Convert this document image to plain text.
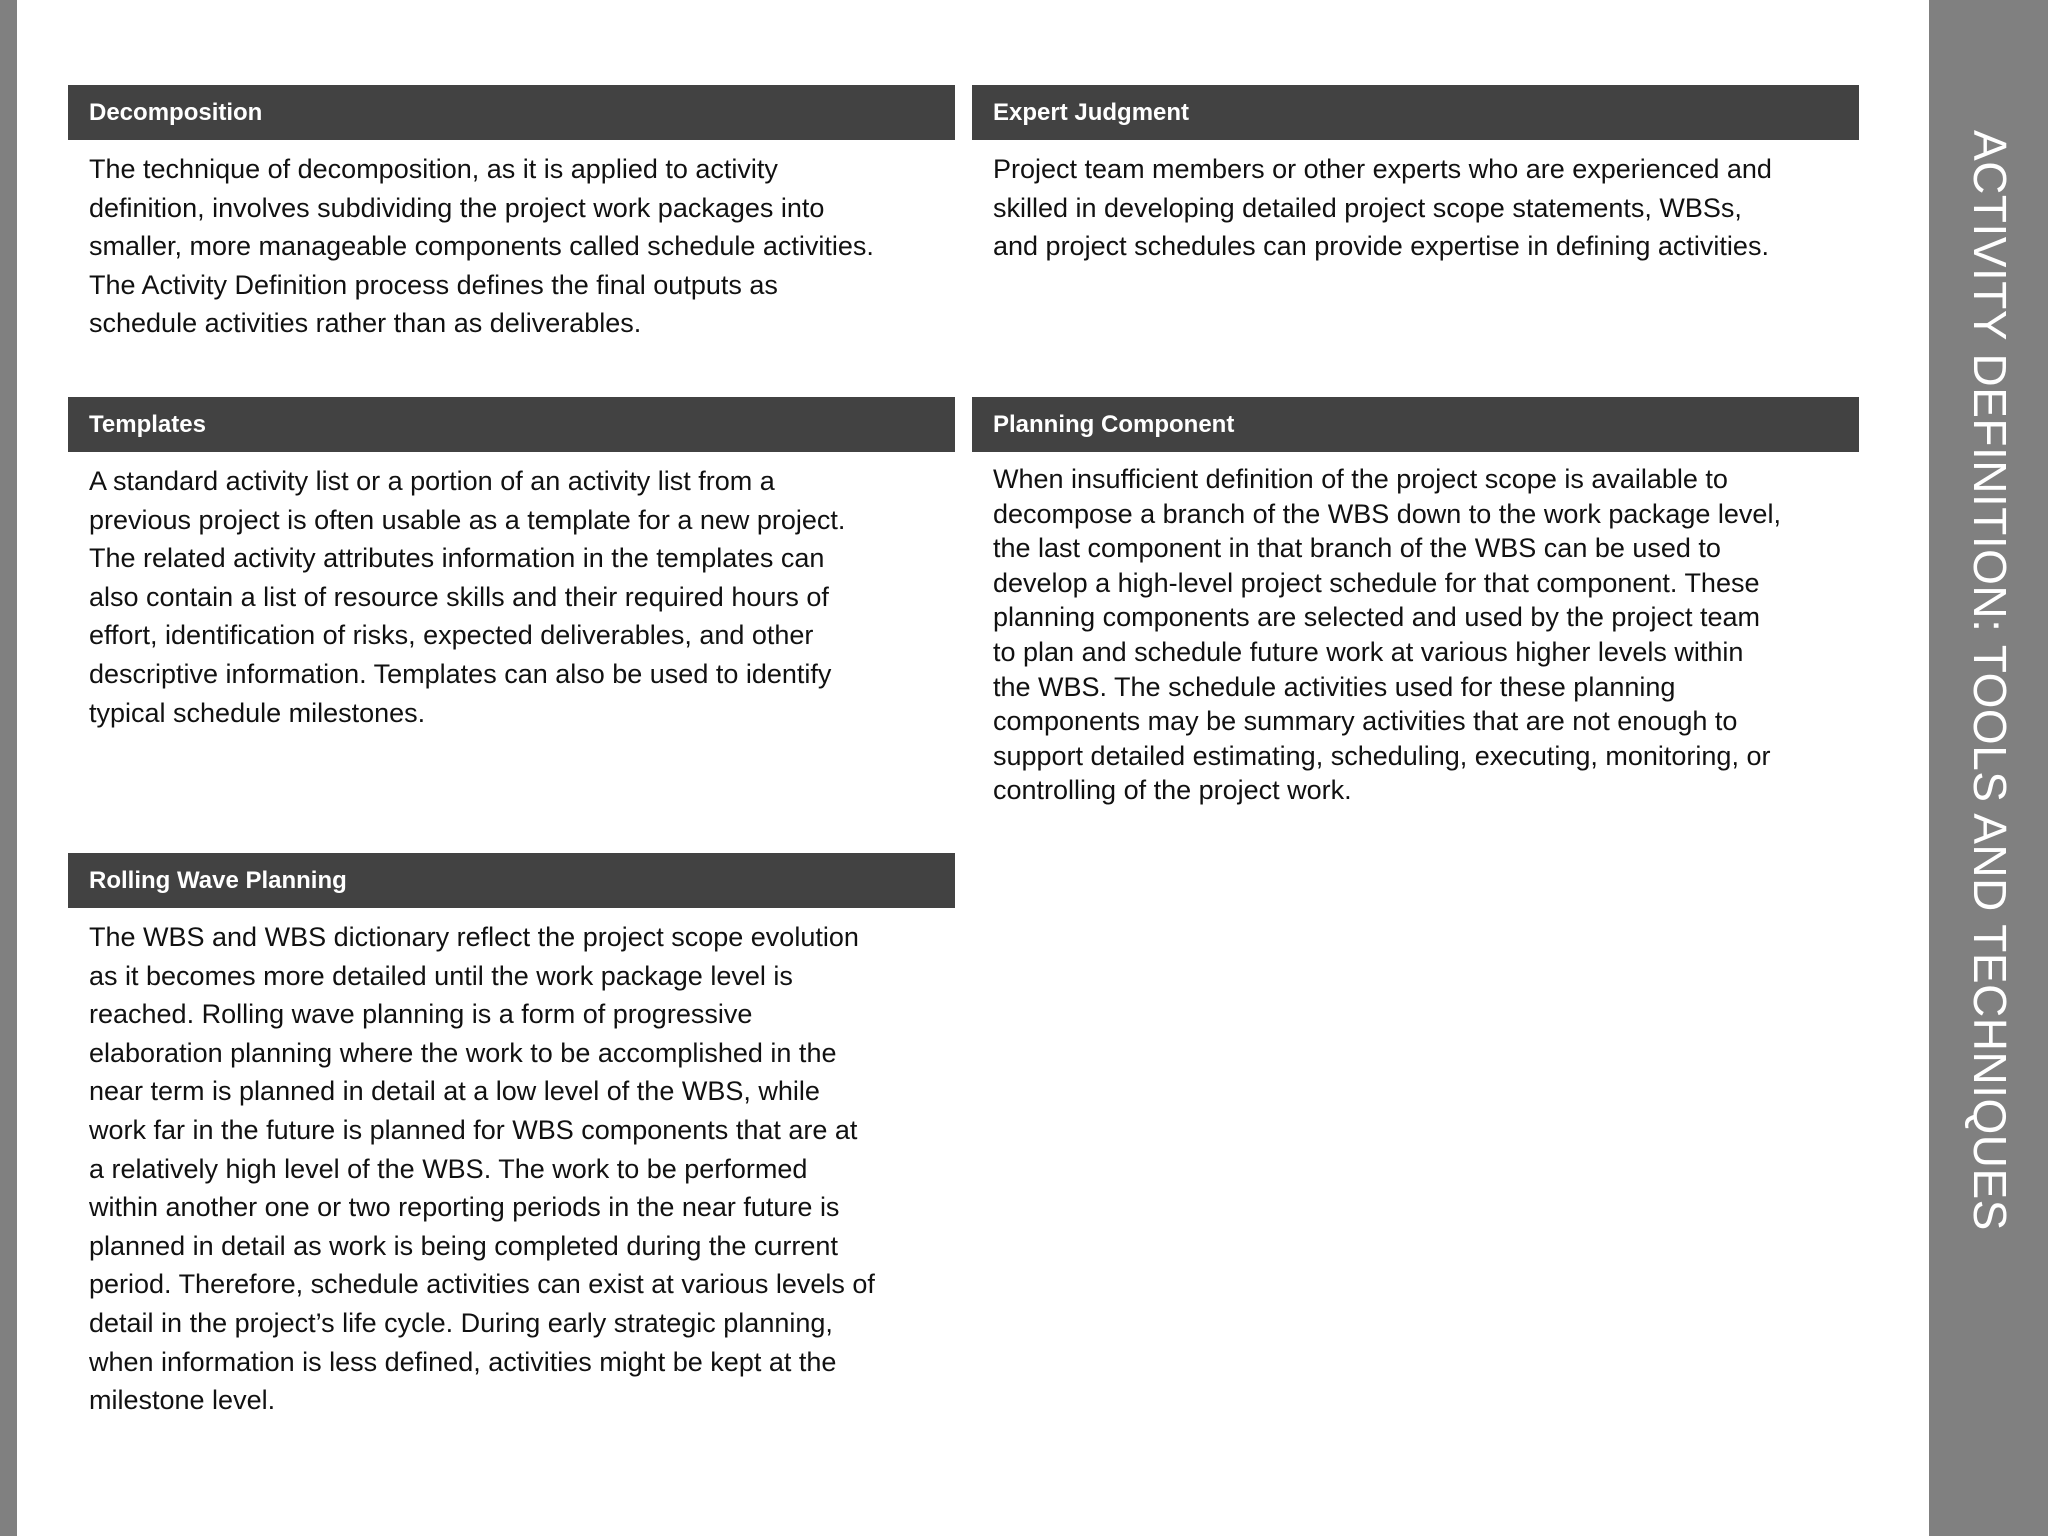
ACTIVITY DEFINITION: TOOLS AND TECHNIQUES
Decomposition
The technique of decomposition, as it is applied to activity
definition, involves subdividing the project work packages into
smaller, more manageable components called schedule activities.
The Activity Definition process defines the final outputs as
schedule activities rather than as deliverables.
Expert Judgment
Project team members or other experts who are experienced and
skilled in developing detailed project scope statements, WBSs,
and project schedules can provide expertise in defining activities.
Templates
A standard activity list or a portion of an activity list from a
previous project is often usable as a template for a new project.
The related activity attributes information in the templates can
also contain a list of resource skills and their required hours of
effort, identification of risks, expected deliverables, and other
descriptive information. Templates can also be used to identify
typical schedule milestones.
Planning Component
When insufficient definition of the project scope is available to
decompose a branch of the WBS down to the work package level,
the last component in that branch of the WBS can be used to
develop a high-level project schedule for that component. These
planning components are selected and used by the project team
to plan and schedule future work at various higher levels within
the WBS. The schedule activities used for these planning
components may be summary activities that are not enough to
support detailed estimating, scheduling, executing, monitoring, or
controlling of the project work.
Rolling Wave Planning
The WBS and WBS dictionary reflect the project scope evolution
as it becomes more detailed until the work package level is
reached. Rolling wave planning is a form of progressive
elaboration planning where the work to be accomplished in the
near term is planned in detail at a low level of the WBS, while
work far in the future is planned for WBS components that are at
a relatively high level of the WBS. The work to be performed
within another one or two reporting periods in the near future is
planned in detail as work is being completed during the current
period. Therefore, schedule activities can exist at various levels of
detail in the project’s life cycle. During early strategic planning,
when information is less defined, activities might be kept at the
milestone level.
